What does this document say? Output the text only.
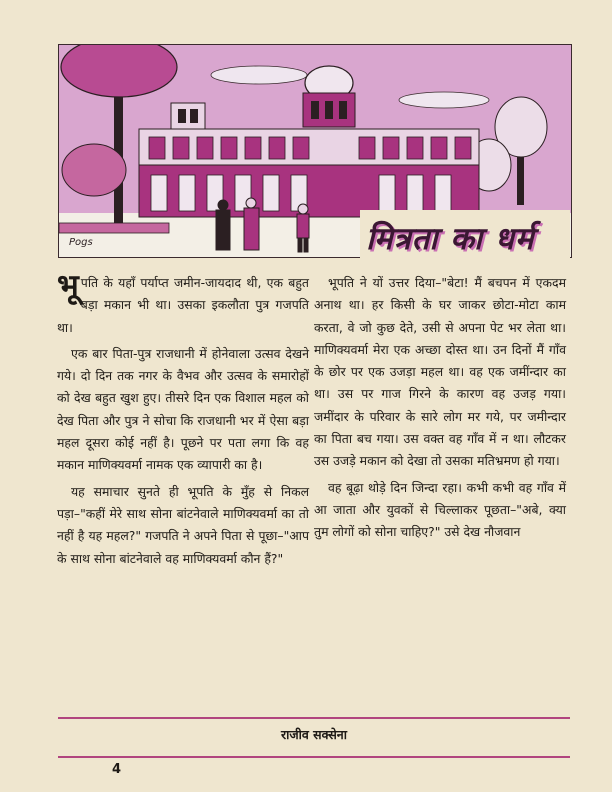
Pogs	मित्रता का धर्म

भूपति के यहाँ पर्याप्त जमीन-जायदाद थी, एक बहुत बड़ा मकान भी था। उसका इकलौता पुत्र गजपति था।

एक बार पिता-पुत्र राजधानी में होनेवाला उत्सव देखने गये। दो दिन तक नगर के वैभव और उत्सव के समारोहों को देख बहुत खुश हुए। तीसरे दिन एक विशाल महल को देख पिता और पुत्र ने सोचा कि राजधानी भर में ऐसा बड़ा महल दूसरा कोई नहीं है। पूछने पर पता लगा कि वह मकान माणिक्यवर्मा नामक एक व्यापारी का है।

यह समाचार सुनते ही भूपति के मुँह से निकल पड़ा–"कहीं मेरे साथ सोना बांटनेवाले माणिक्यवर्मा का तो नहीं है यह महल?" गजपति ने अपने पिता से पूछा–"आप के साथ सोना बांटनेवाले वह माणिक्यवर्मा कौन हैं?"

भूपति ने यों उत्तर दिया–"बेटा! मैं बचपन में एकदम अनाथ था। हर किसी के घर जाकर छोटा-मोटा काम करता, वे जो कुछ देते, उसी से अपना पेट भर लेता था। माणिक्यवर्मा मेरा एक अच्छा दोस्त था। उन दिनों मैं गाँव के छोर पर एक उजड़ा महल था। वह एक जमींन्दार का था। उस पर गाज गिरने के कारण वह उजड़ गया। जमींदार के परिवार के सारे लोग मर गये, पर जमीन्दार का पिता बच गया। उस वक्त वह गाँव में न था। लौटकर उस उजड़े मकान को देखा तो उसका मतिभ्रमण हो गया।

वह बूढ़ा थोड़े दिन जिन्दा रहा। कभी कभी वह गाँव में आ जाता और युवकों से चिल्लाकर पूछता–"अबे, क्या तुम लोगों को सोना चाहिए?" उसे देख नौजवान

राजीव सक्सेना
4
